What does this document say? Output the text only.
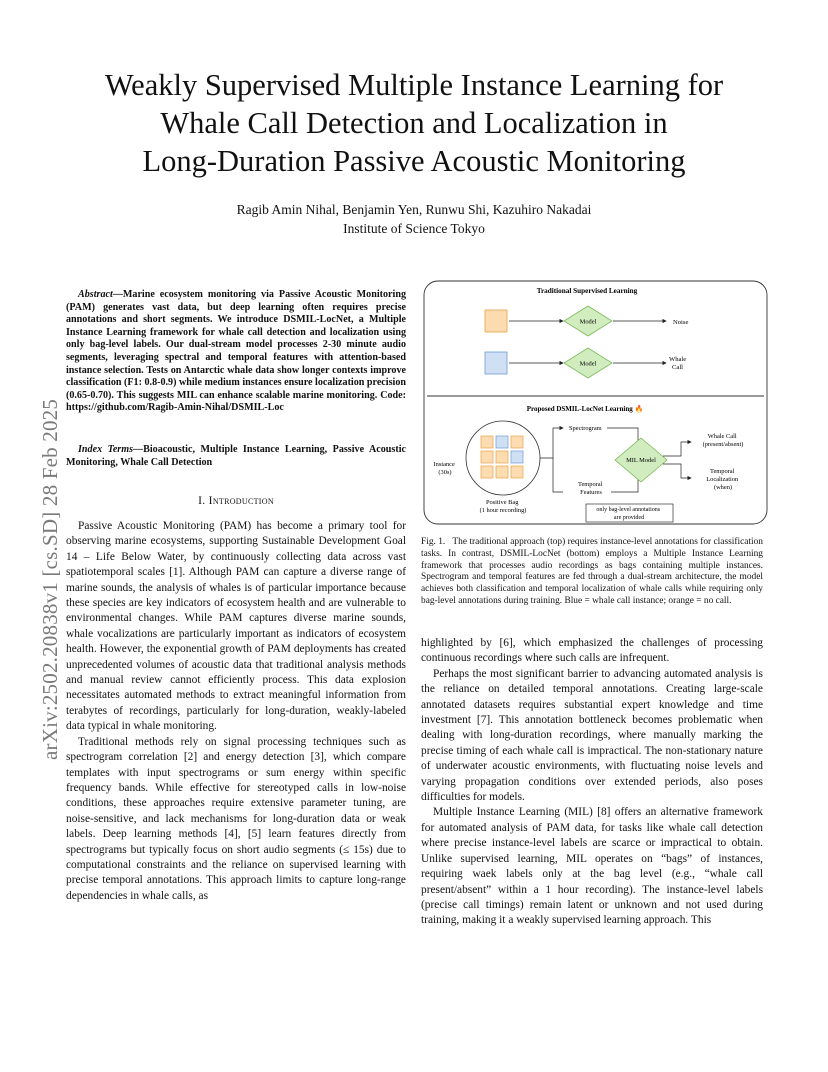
arXiv:2502.20838v1 [cs.SD] 28 Feb 2025
Weakly Supervised Multiple Instance Learning for
Whale Call Detection and Localization in
Long-Duration Passive Acoustic Monitoring
Ragib Amin Nihal, Benjamin Yen, Runwu Shi, Kazuhiro Nakadai
Institute of Science Tokyo

Abstract—Marine ecosystem monitoring via Passive Acoustic Monitoring (PAM) generates vast data, but deep learning often requires precise annotations and short segments. We introduce DSMIL-LocNet, a Multiple Instance Learning framework for whale call detection and localization using only bag-level labels. Our dual-stream model processes 2-30 minute audio segments, leveraging spectral and temporal features with attention-based instance selection. Tests on Antarctic whale data show longer contexts improve classification (F1: 0.8-0.9) while medium instances ensure localization precision (0.65-0.70). This suggests MIL can enhance scalable marine monitoring. Code: https://github.com/Ragib-Amin-Nihal/DSMIL-Loc

Index Terms—Bioacoustic, Multiple Instance Learning, Passive Acoustic Monitoring, Whale Call Detection

I. Introduction

Passive Acoustic Monitoring (PAM) has become a primary tool for observing marine ecosystems, supporting Sustainable Development Goal 14 – Life Below Water, by continuously collecting data across vast spatiotemporal scales [1]. Although PAM can capture a diverse range of marine sounds, the analysis of whales is of particular importance because these species are key indicators of ecosystem health and are vulnerable to environmental changes. While PAM captures diverse marine sounds, whale vocalizations are particularly important as indicators of ecosystem health. However, the exponential growth of PAM deployments has created unprecedented volumes of acoustic data that traditional analysis methods and manual review cannot efficiently process. This data explosion necessitates automated methods to extract meaningful information from terabytes of recordings, particularly for long-duration, weakly-labeled data typical in whale monitoring.

Traditional methods rely on signal processing techniques such as spectrogram correlation [2] and energy detection [3], which compare templates with input spectrograms or sum energy within specific frequency bands. While effective for stereotyped calls in low-noise conditions, these approaches require extensive parameter tuning, are noise-sensitive, and lack mechanisms for long-duration data or weak labels. Deep learning methods [4], [5] learn features directly from spectrograms but typically focus on short audio segments (≤ 15s) due to computational constraints and the reliance on supervised learning with precise temporal annotations. This approach limits to capture long-range dependencies in whale calls, as

Traditional Supervised Learning
Model	Noise
Model
Whale Call
Proposed DSMIL-LocNet Learning 🔥
Instance (30s)
Positive Bag (1 hour recording)
Spectrogram
Temporal Features
MIL Model
Whale Call (present/absent)
Temporal Localization (when)
only bag-level annotations are provided

Fig. 1. The traditional approach (top) requires instance-level annotations for classification tasks. In contrast, DSMIL-LocNet (bottom) employs a Multiple Instance Learning framework that processes audio recordings as bags containing multiple instances. Spectrogram and temporal features are fed through a dual-stream architecture, the model achieves both classification and temporal localization of whale calls while requiring only bag-level annotations during training. Blue = whale call instance; orange = no call.

highlighted by [6], which emphasized the challenges of processing continuous recordings where such calls are infrequent.

Perhaps the most significant barrier to advancing automated analysis is the reliance on detailed temporal annotations. Creating large-scale annotated datasets requires substantial expert knowledge and time investment [7]. This annotation bottleneck becomes problematic when dealing with long-duration recordings, where manually marking the precise timing of each whale call is impractical. The non-stationary nature of underwater acoustic environments, with fluctuating noise levels and varying propagation conditions over extended periods, also poses difficulties for models.

Multiple Instance Learning (MIL) [8] offers an alternative framework for automated analysis of PAM data, for tasks like whale call detection where precise instance-level labels are scarce or impractical to obtain. Unlike supervised learning, MIL operates on “bags” of instances, requiring waek labels only at the bag level (e.g., “whale call present/absent” within a 1 hour recording). The instance-level labels (precise call timings) remain latent or unknown and not used during training, making it a weakly supervised learning approach. This
